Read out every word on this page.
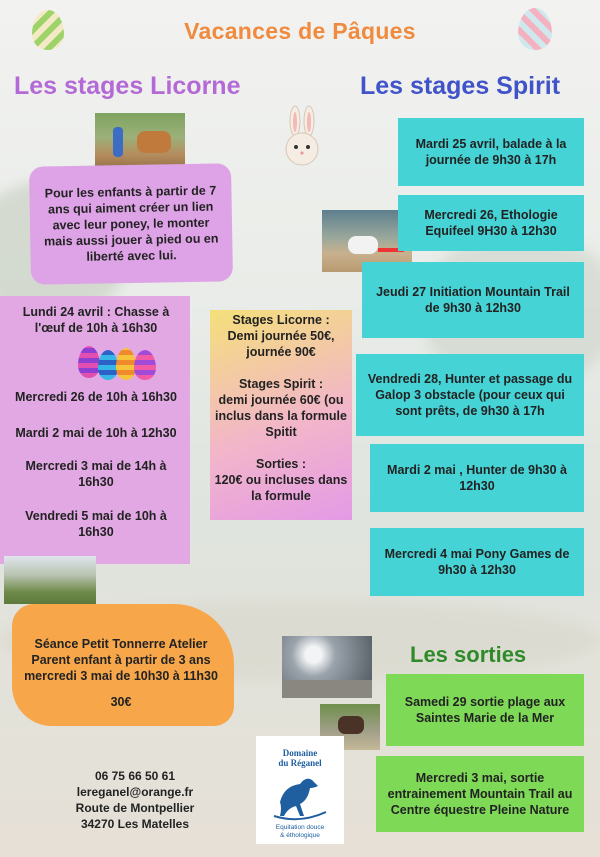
Vacances de Pâques
Les stages Licorne	Les stages Spirit
Pour les enfants à partir de 7 ans qui aiment créer un lien avec leur poney, le monter mais aussi jouer à pied ou en liberté avec lui.
Lundi 24 avril : Chasse à l'œuf de 10h à 16h30
Mercredi 26 de 10h à 16h30
Mardi 2 mai de 10h à 12h30
Mercredi 3 mai de 14h à 16h30
Vendredi 5 mai de 10h à 16h30
Stages Licorne :
Demi journée 50€, journée 90€
Stages Spirit :
demi journée 60€ (ou inclus dans la formule Spitit
Sorties :
120€ ou incluses dans la formule
Mardi 25 avril, balade à la journée de 9h30 à 17h
Mercredi 26, Ethologie Equifeel 9H30 à 12h30
Jeudi 27 Initiation Mountain Trail de 9h30 à 12h30
Vendredi 28, Hunter et passage du Galop 3 obstacle (pour ceux qui sont prêts, de 9h30 à 17h
Mardi 2 mai , Hunter de 9h30 à 12h30
Mercredi 4 mai Pony Games de 9h30 à 12h30
Séance Petit Tonnerre Atelier Parent enfant à partir de 3 ans mercredi 3 mai de 10h30 à 11h30
30€
Les sorties
Samedi 29 sortie plage aux Saintes Marie de la Mer
Mercredi 3 mai, sortie entrainement Mountain Trail au Centre équestre Pleine Nature
06 75 66 50 61
lereganel@orange.fr
Route de Montpellier
34270 Les Matelles
Domaine
du Réganel
Equitation douce
& éthologique
